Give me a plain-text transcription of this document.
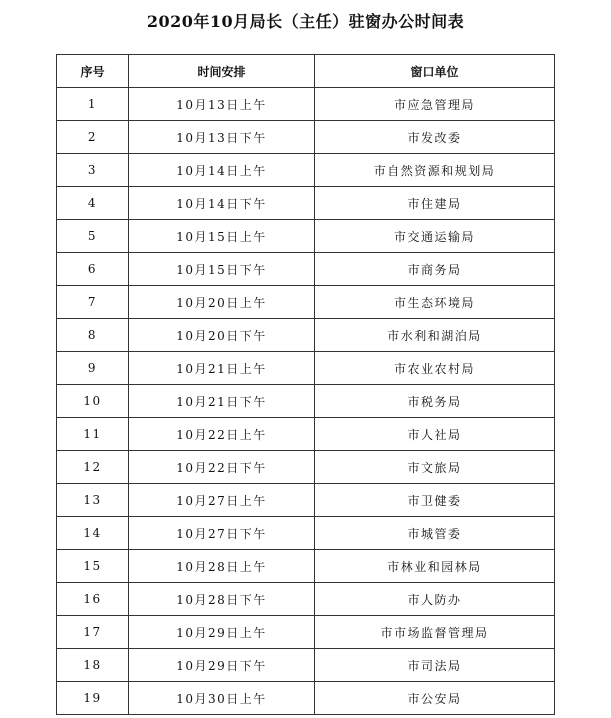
2020年10月局长（主任）驻窗办公时间表
序号	时间安排	窗口单位
1	10月13日上午	市应急管理局
2	10月13日下午	市发改委
3	10月14日上午	市自然资源和规划局
4	10月14日下午	市住建局
5	10月15日上午	市交通运输局
6	10月15日下午	市商务局
7	10月20日上午	市生态环境局
8	10月20日下午	市水利和湖泊局
9	10月21日上午	市农业农村局
10	10月21日下午	市税务局
11	10月22日上午	市人社局
12	10月22日下午	市文旅局
13	10月27日上午	市卫健委
14	10月27日下午	市城管委
15	10月28日上午	市林业和园林局
16	10月28日下午	市人防办
17	10月29日上午	市市场监督管理局
18	10月29日下午	市司法局
19	10月30日上午	市公安局
